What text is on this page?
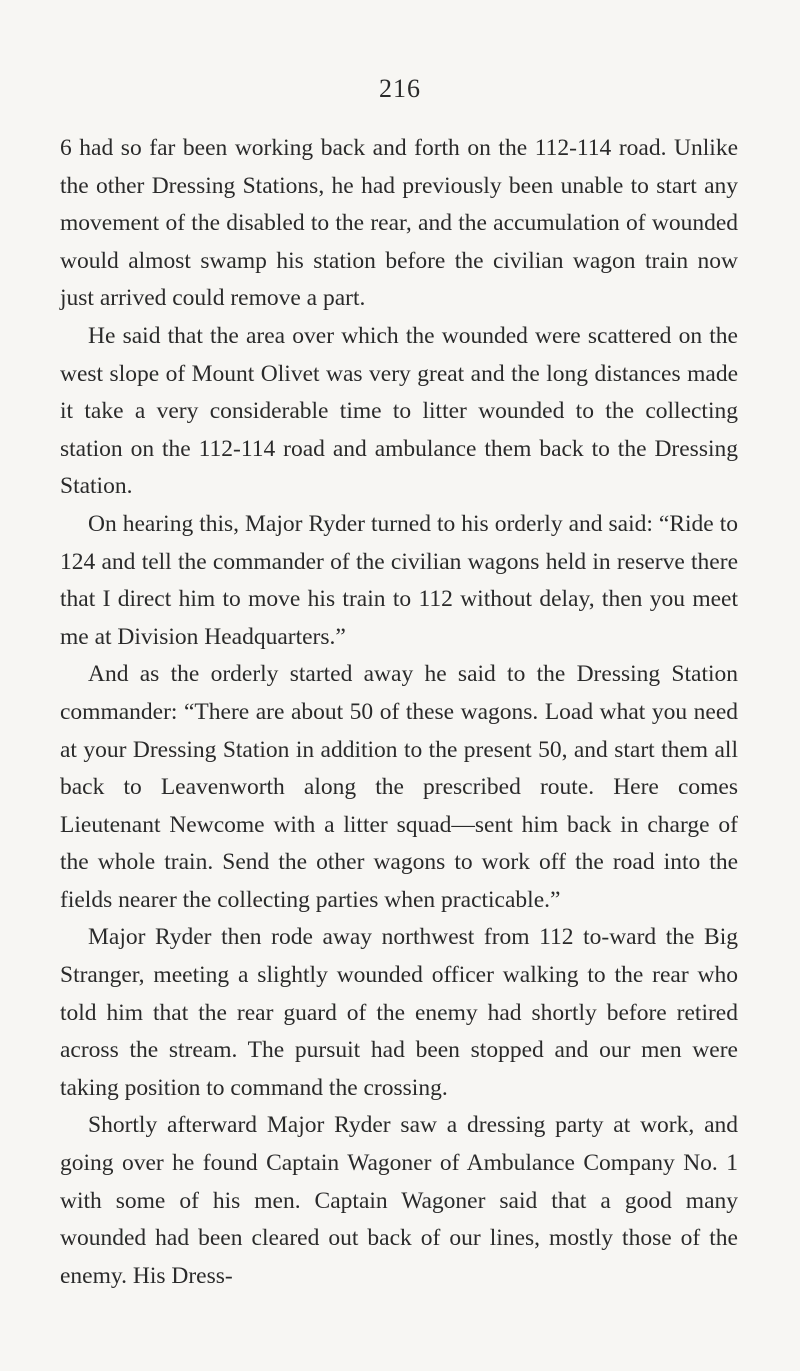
216

6 had so far been working back and forth on the 112-114 road. Unlike the other Dressing Stations, he had previously been unable to start any movement of the disabled to the rear, and the accumulation of wounded would almost swamp his station before the civilian wagon train now just arrived could remove a part.

He said that the area over which the wounded were scattered on the west slope of Mount Olivet was very great and the long distances made it take a very considerable time to litter wounded to the collecting station on the 112-114 road and ambulance them back to the Dressing Station.

On hearing this, Major Ryder turned to his orderly and said: “Ride to 124 and tell the commander of the civilian wagons held in reserve there that I direct him to move his train to 112 without delay, then you meet me at Division Headquarters.”

And as the orderly started away he said to the Dressing Station commander: “There are about 50 of these wagons. Load what you need at your Dressing Station in addition to the present 50, and start them all back to Leavenworth along the prescribed route. Here comes Lieutenant Newcome with a litter squad—sent him back in charge of the whole train. Send the other wagons to work off the road into the fields nearer the collecting parties when practicable.”

Major Ryder then rode away northwest from 112 to-ward the Big Stranger, meeting a slightly wounded officer walking to the rear who told him that the rear guard of the enemy had shortly before retired across the stream. The pursuit had been stopped and our men were taking position to command the crossing.

Shortly afterward Major Ryder saw a dressing party at work, and going over he found Captain Wagoner of Ambulance Company No. 1 with some of his men. Captain Wagoner said that a good many wounded had been cleared out back of our lines, mostly those of the enemy. His Dress-
